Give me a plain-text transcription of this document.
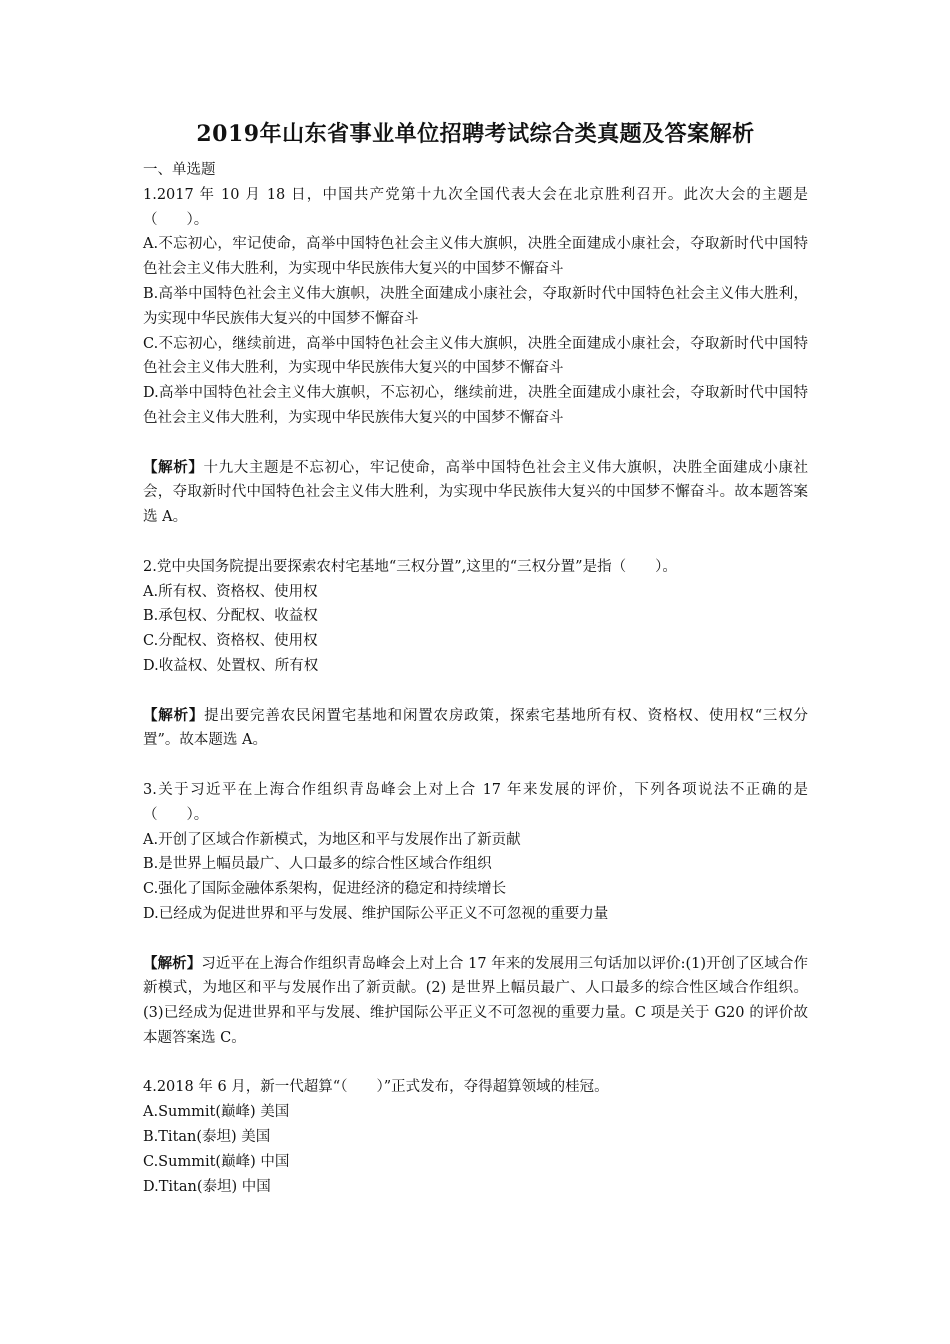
2019年山东省事业单位招聘考试综合类真题及答案解析
一、单选题
1.2017 年 10 月 18 日，中国共产党第十九次全国代表大会在北京胜利召开。此次大会的主题是（　　）。
A.不忘初心，牢记使命，高举中国特色社会主义伟大旗帜，决胜全面建成小康社会，夺取新时代中国特色社会主义伟大胜利，为实现中华民族伟大复兴的中国梦不懈奋斗
B.高举中国特色社会主义伟大旗帜，决胜全面建成小康社会，夺取新时代中国特色社会主义伟大胜利，为实现中华民族伟大复兴的中国梦不懈奋斗
C.不忘初心，继续前进，高举中国特色社会主义伟大旗帜，决胜全面建成小康社会，夺取新时代中国特色社会主义伟大胜利，为实现中华民族伟大复兴的中国梦不懈奋斗
D.高举中国特色社会主义伟大旗帜，不忘初心，继续前进，决胜全面建成小康社会，夺取新时代中国特色社会主义伟大胜利，为实现中华民族伟大复兴的中国梦不懈奋斗
【解析】十九大主题是不忘初心，牢记使命，高举中国特色社会主义伟大旗帜，决胜全面建成小康社会，夺取新时代中国特色社会主义伟大胜利，为实现中华民族伟大复兴的中国梦不懈奋斗。故本题答案选 A。
2.党中央国务院提出要探索农村宅基地“三权分置”,这里的“三权分置”是指（　　）。
A.所有权、资格权、使用权
B.承包权、分配权、收益权
C.分配权、资格权、使用权
D.收益权、处置权、所有权
【解析】提出要完善农民闲置宅基地和闲置农房政策，探索宅基地所有权、资格权、使用权“三权分置”。故本题选 A。
3.关于习近平在上海合作组织青岛峰会上对上合 17 年来发展的评价，下列各项说法不正确的是（　　）。
A.开创了区域合作新模式，为地区和平与发展作出了新贡献
B.是世界上幅员最广、人口最多的综合性区域合作组织
C.强化了国际金融体系架构，促进经济的稳定和持续增长
D.已经成为促进世界和平与发展、维护国际公平正义不可忽视的重要力量
【解析】习近平在上海合作组织青岛峰会上对上合 17 年来的发展用三句话加以评价:(1)开创了区域合作新模式，为地区和平与发展作出了新贡献。(2) 是世界上幅员最广、人口最多的综合性区域合作组织。(3)已经成为促进世界和平与发展、维护国际公平正义不可忽视的重要力量。C 项是关于 G20 的评价故本题答案选 C。
4.2018 年 6 月，新一代超算“（　　）”正式发布，夺得超算领域的桂冠。
A.Summit(巅峰) 美国
B.Titan(泰坦) 美国
C.Summit(巅峰) 中国
D.Titan(泰坦) 中国
